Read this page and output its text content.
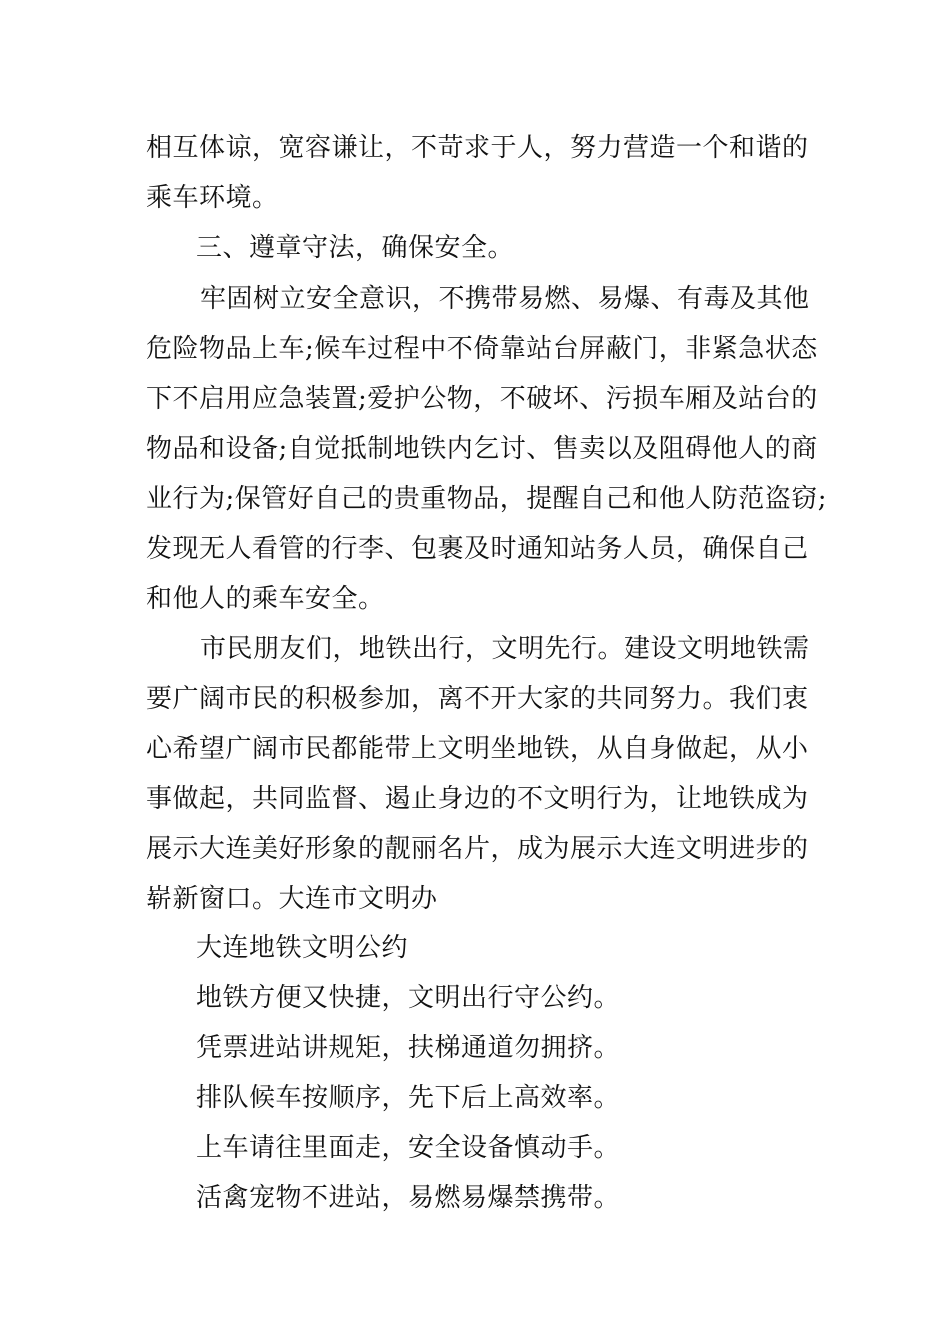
相互体谅，宽容谦让，不苛求于人，努力营造一个和谐的
乘车环境。
三、遵章守法，确保安全。
牢固树立安全意识，不携带易燃、易爆、有毒及其他
危险物品上车;候车过程中不倚靠站台屏蔽门，非紧急状态
下不启用应急装置;爱护公物，不破坏、污损车厢及站台的
物品和设备;自觉抵制地铁内乞讨、售卖以及阻碍他人的商
业行为;保管好自己的贵重物品，提醒自己和他人防范盗窃;
发现无人看管的行李、包裹及时通知站务人员，确保自己
和他人的乘车安全。
市民朋友们，地铁出行，文明先行。建设文明地铁需
要广阔市民的积极参加，离不开大家的共同努力。我们衷
心希望广阔市民都能带上文明坐地铁，从自身做起，从小
事做起，共同监督、遏止身边的不文明行为，让地铁成为
展示大连美好形象的靓丽名片，成为展示大连文明进步的
崭新窗口。大连市文明办
大连地铁文明公约
地铁方便又快捷，文明出行守公约。
凭票进站讲规矩，扶梯通道勿拥挤。
排队候车按顺序，先下后上高效率。
上车请往里面走，安全设备慎动手。
活禽宠物不进站，易燃易爆禁携带。
